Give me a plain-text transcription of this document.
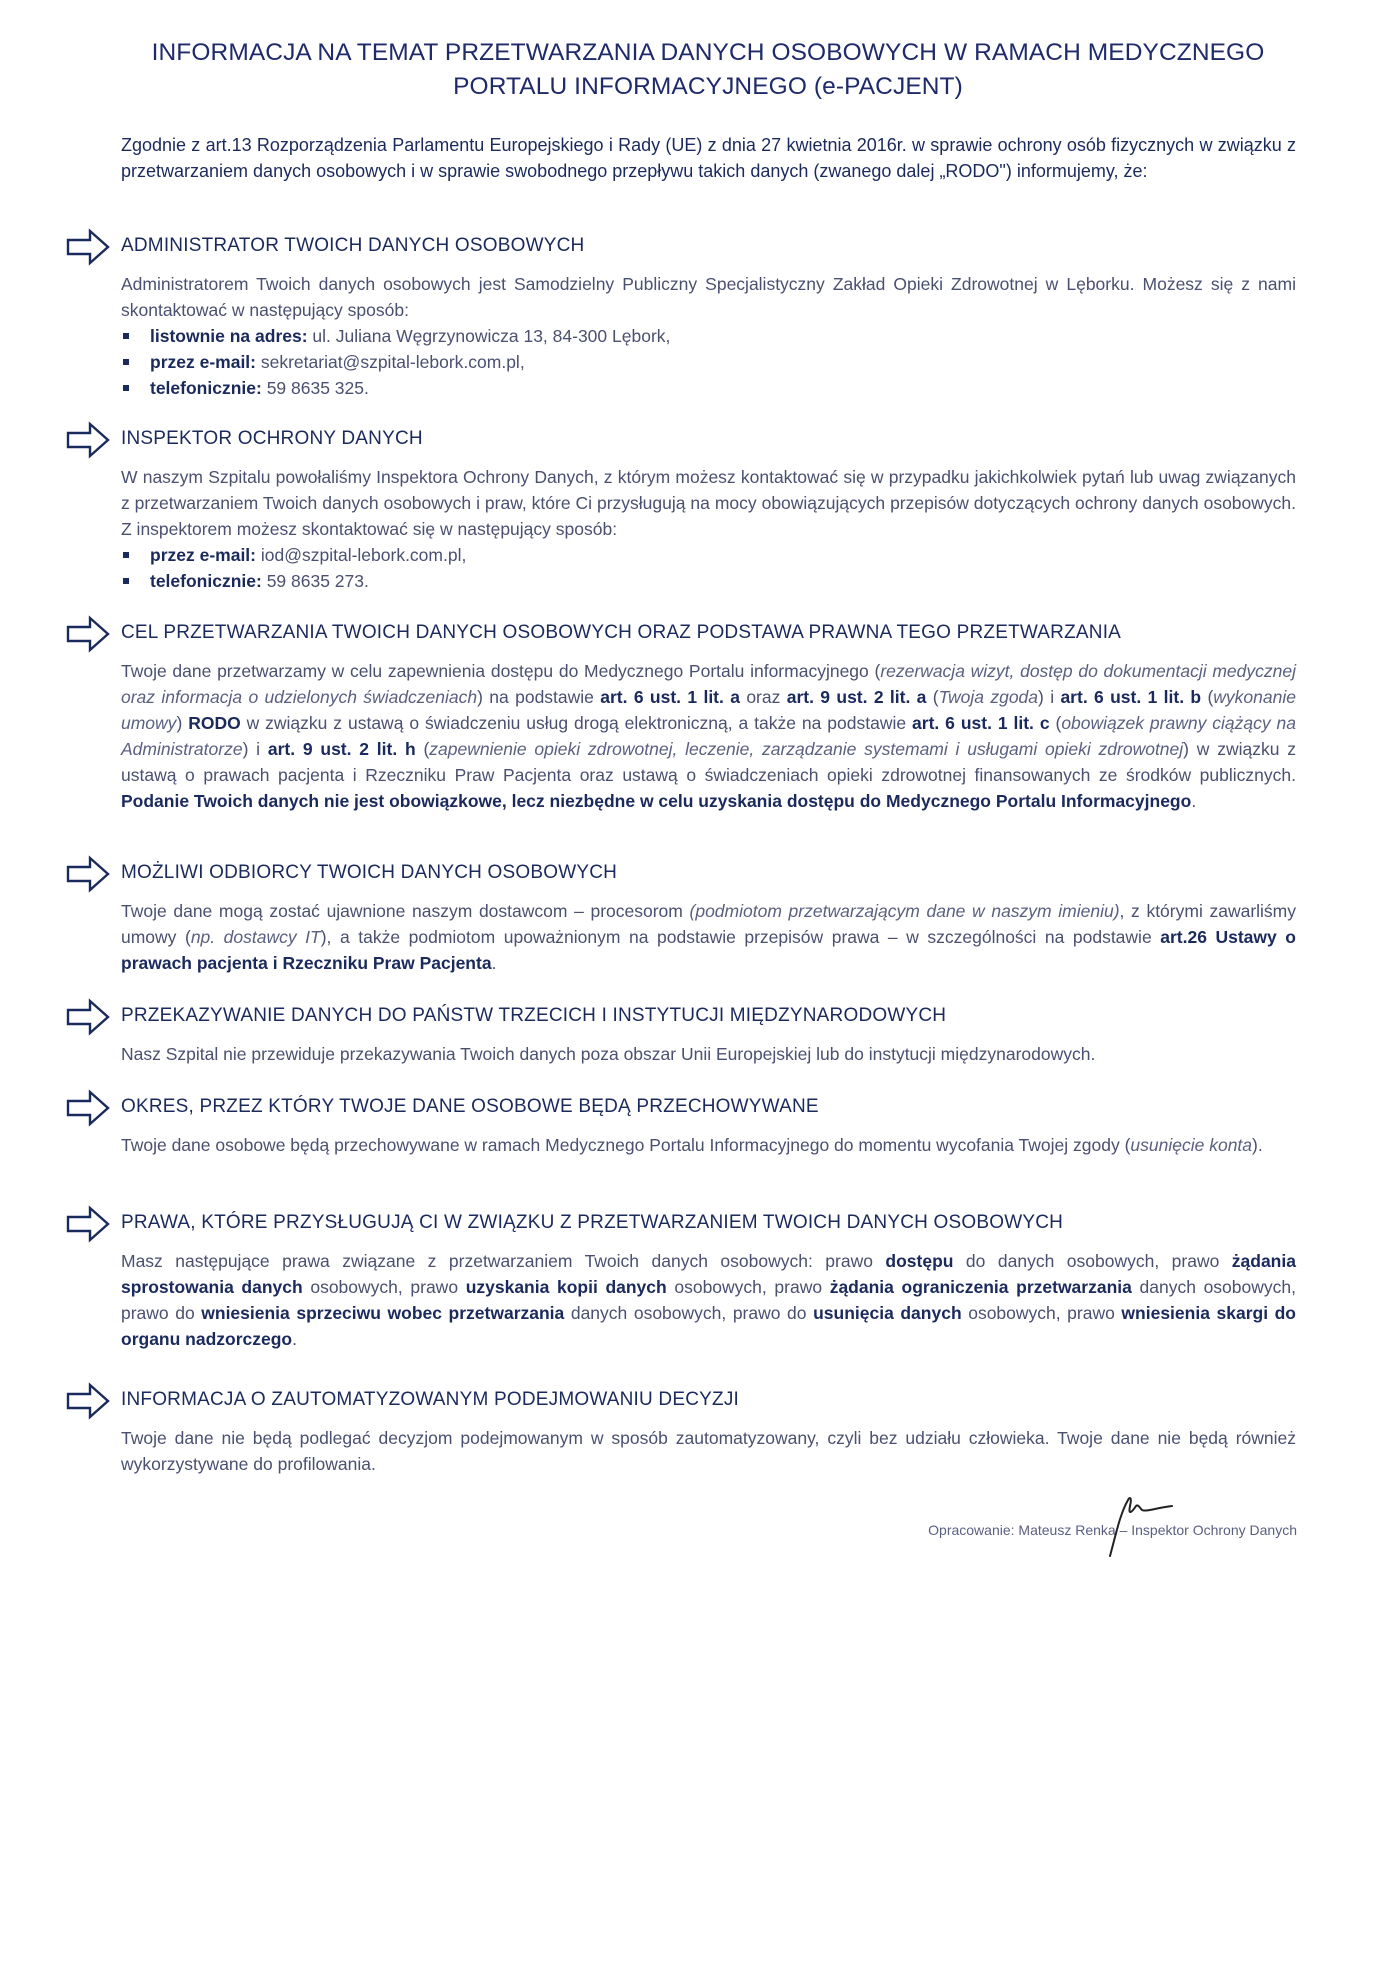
INFORMACJA NA TEMAT PRZETWARZANIA DANYCH OSOBOWYCH W RAMACH MEDYCZNEGO
PORTALU INFORMACYJNEGO (e-PACJENT)
Zgodnie z art.13 Rozporządzenia Parlamentu Europejskiego i Rady (UE) z dnia 27 kwietnia 2016r. w sprawie ochrony osób fizycznych w związku z przetwarzaniem danych osobowych i w sprawie swobodnego przepływu takich danych (zwanego dalej „RODO") informujemy, że:
ADMINISTRATOR TWOICH DANYCH OSOBOWYCH
Administratorem Twoich danych osobowych jest Samodzielny Publiczny Specjalistyczny Zakład Opieki Zdrowotnej w Lęborku. Możesz się z nami skontaktować w następujący sposób:
listownie na adres: ul. Juliana Węgrzynowicza 13, 84-300 Lębork,
przez e-mail: sekretariat@szpital-lebork.com.pl,
telefonicznie: 59 8635 325.
INSPEKTOR OCHRONY DANYCH
W naszym Szpitalu powołaliśmy Inspektora Ochrony Danych, z którym możesz kontaktować się w przypadku jakichkolwiek pytań lub uwag związanych z przetwarzaniem Twoich danych osobowych i praw, które Ci przysługują na mocy obowiązujących przepisów dotyczących ochrony danych osobowych. Z inspektorem możesz skontaktować się w następujący sposób:
przez e-mail: iod@szpital-lebork.com.pl,
telefonicznie: 59 8635 273.
CEL PRZETWARZANIA TWOICH DANYCH OSOBOWYCH ORAZ PODSTAWA PRAWNA TEGO PRZETWARZANIA
Twoje dane przetwarzamy w celu zapewnienia dostępu do Medycznego Portalu informacyjnego (rezerwacja wizyt, dostęp do dokumentacji medycznej oraz informacja o udzielonych świadczeniach) na podstawie art. 6 ust. 1 lit. a oraz art. 9 ust. 2 lit. a (Twoja zgoda) i art. 6 ust. 1 lit. b (wykonanie umowy) RODO w związku z ustawą o świadczeniu usług drogą elektroniczną, a także na podstawie art. 6 ust. 1 lit. c (obowiązek prawny ciążący na Administratorze) i art. 9 ust. 2 lit. h (zapewnienie opieki zdrowotnej, leczenie, zarządzanie systemami i usługami opieki zdrowotnej) w związku z ustawą o prawach pacjenta i Rzeczniku Praw Pacjenta oraz ustawą o świadczeniach opieki zdrowotnej finansowanych ze środków publicznych. Podanie Twoich danych nie jest obowiązkowe, lecz niezbędne w celu uzyskania dostępu do Medycznego Portalu Informacyjnego.
MOŻLIWI ODBIORCY TWOICH DANYCH OSOBOWYCH
Twoje dane mogą zostać ujawnione naszym dostawcom – procesorom (podmiotom przetwarzającym dane w naszym imieniu), z którymi zawarliśmy umowy (np. dostawcy IT), a także podmiotom upoważnionym na podstawie przepisów prawa – w szczególności na podstawie art.26 Ustawy o prawach pacjenta i Rzeczniku Praw Pacjenta.
PRZEKAZYWANIE DANYCH DO PAŃSTW TRZECICH I INSTYTUCJI MIĘDZYNARODOWYCH
Nasz Szpital nie przewiduje przekazywania Twoich danych poza obszar Unii Europejskiej lub do instytucji międzynarodowych.
OKRES, PRZEZ KTÓRY TWOJE DANE OSOBOWE BĘDĄ PRZECHOWYWANE
Twoje dane osobowe będą przechowywane w ramach Medycznego Portalu Informacyjnego do momentu wycofania Twojej zgody (usunięcie konta).
PRAWA, KTÓRE PRZYSŁUGUJĄ CI W ZWIĄZKU Z PRZETWARZANIEM TWOICH DANYCH OSOBOWYCH
Masz następujące prawa związane z przetwarzaniem Twoich danych osobowych: prawo dostępu do danych osobowych, prawo żądania sprostowania danych osobowych, prawo uzyskania kopii danych osobowych, prawo żądania ograniczenia przetwarzania danych osobowych, prawo do wniesienia sprzeciwu wobec przetwarzania danych osobowych, prawo do usunięcia danych osobowych, prawo wniesienia skargi do organu nadzorczego.
INFORMACJA O ZAUTOMATYZOWANYM PODEJMOWANIU DECYZJI
Twoje dane nie będą podlegać decyzjom podejmowanym w sposób zautomatyzowany, czyli bez udziału człowieka. Twoje dane nie będą również wykorzystywane do profilowania.
Opracowanie: Mateusz Renka – Inspektor Ochrony Danych
